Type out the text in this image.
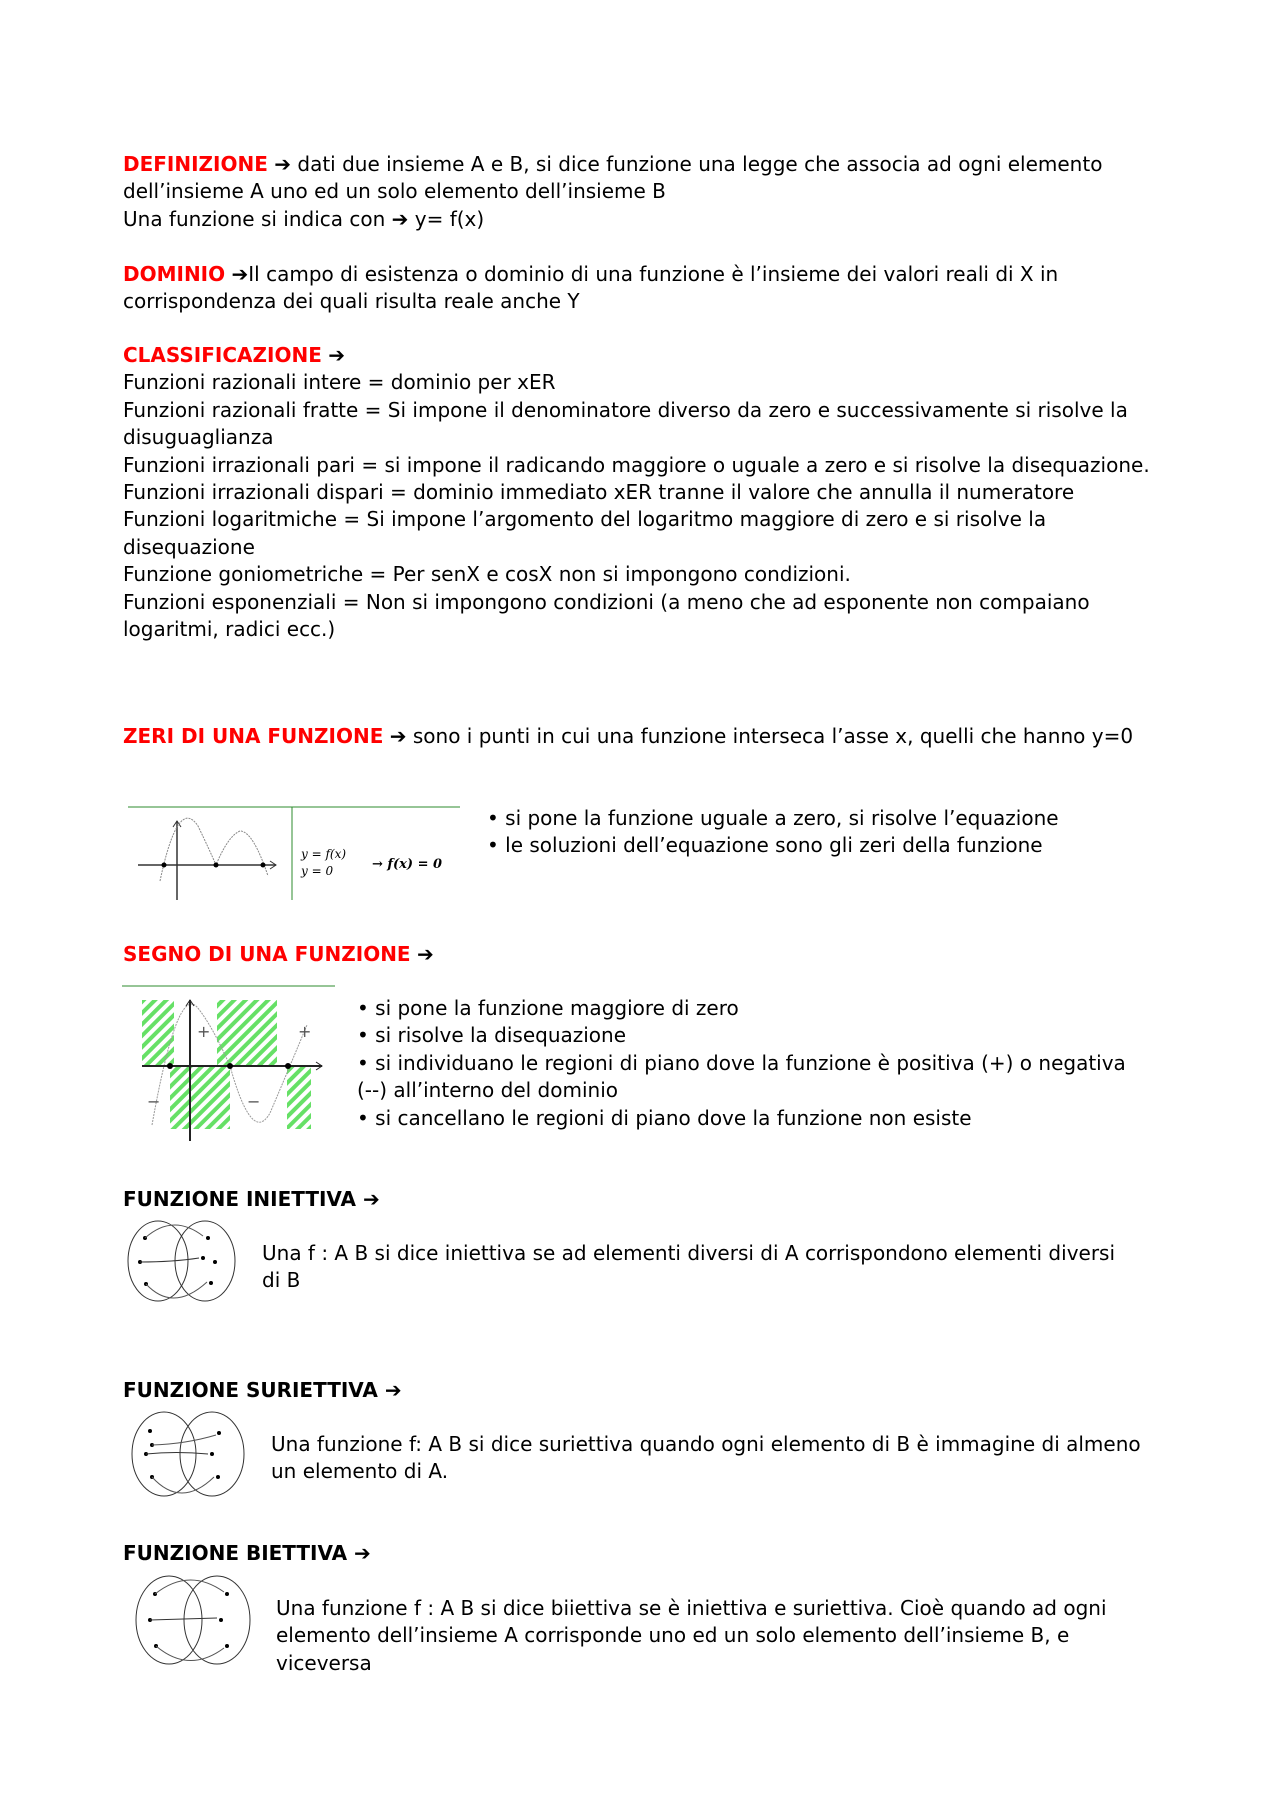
DEFINIZIONE ➔ dati due insieme A e B, si dice funzione una legge che associa ad ogni elemento dell’insieme A uno ed un solo elemento dell’insieme B
Una funzione si indica con ➔ y= f(x)
DOMINIO ➔Il campo di esistenza o dominio di una funzione è l’insieme dei valori reali di X in corrispondenza dei quali risulta reale anche Y
CLASSIFICAZIONE ➔
Funzioni razionali intere = dominio per xER
Funzioni razionali fratte = Si impone il denominatore diverso da zero e successivamente si risolve la disuguaglianza
Funzioni irrazionali pari = si impone il radicando maggiore o uguale a zero e si risolve la disequazione.
Funzioni irrazionali dispari = dominio immediato xER tranne il valore che annulla il numeratore
Funzioni logaritmiche = Si impone l’argomento del logaritmo maggiore di zero e si risolve la disequazione
Funzione goniometriche = Per senX e cosX non si impongono condizioni.
Funzioni esponenziali = Non si impongono condizioni (a meno che ad esponente non compaiano logaritmi, radici ecc.)
ZERI DI UNA FUNZIONE ➔ sono i punti in cui una funzione interseca l’asse x, quelli che hanno y=0
y = f(x)
y = 0	→ f(x) = 0
• si pone la funzione uguale a zero, si risolve l’equazione
• le soluzioni dell’equazione sono gli zeri della funzione
SEGNO DI UNA FUNZIONE ➔
+	+
−	−
• si pone la funzione maggiore di zero
• si risolve la disequazione
• si individuano le regioni di piano dove la funzione è positiva (+) o negativa (--) all’interno del dominio
• si cancellano le regioni di piano dove la funzione non esiste
FUNZIONE INIETTIVA ➔
Una f : A B si dice iniettiva se ad elementi diversi di A corrispondono elementi diversi di B
FUNZIONE SURIETTIVA ➔
Una funzione f: A B si dice suriettiva quando ogni elemento di B è immagine di almeno un elemento di A.
FUNZIONE BIETTIVA ➔
Una funzione f : A B si dice biiettiva se è iniettiva e suriettiva. Cioè quando ad ogni elemento dell’insieme A corrisponde uno ed un solo elemento dell’insieme B, e viceversa
